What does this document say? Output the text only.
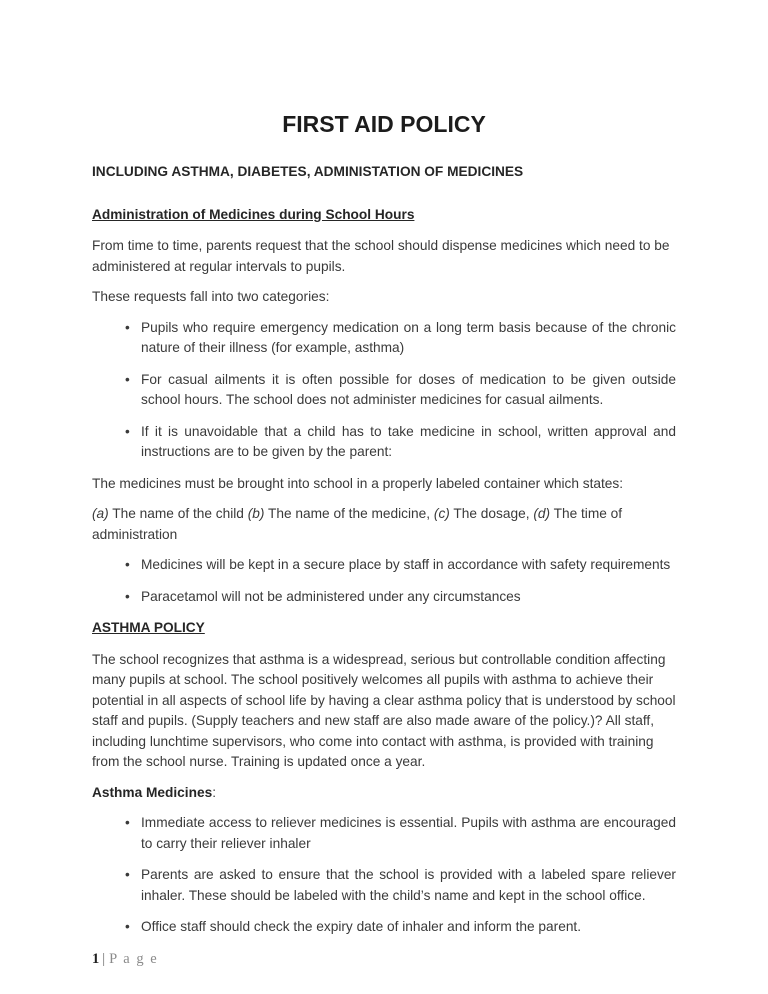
FIRST AID POLICY

INCLUDING ASTHMA, DIABETES, ADMINISTATION OF MEDICINES

Administration of Medicines during School Hours

From time to time, parents request that the school should dispense medicines which need to be administered at regular intervals to pupils.

These requests fall into two categories:

• Pupils who require emergency medication on a long term basis because of the chronic nature of their illness (for example, asthma)
• For casual ailments it is often possible for doses of medication to be given outside school hours. The school does not administer medicines for casual ailments.
• If it is unavoidable that a child has to take medicine in school, written approval and instructions are to be given by the parent:

The medicines must be brought into school in a properly labeled container which states:

(a) The name of the child (b) The name of the medicine, (c) The dosage, (d) The time of administration

• Medicines will be kept in a secure place by staff in accordance with safety requirements
• Paracetamol will not be administered under any circumstances
ASTHMA POLICY

The school recognizes that asthma is a widespread, serious but controllable condition affecting many pupils at school. The school positively welcomes all pupils with asthma to achieve their potential in all aspects of school life by having a clear asthma policy that is understood by school staff and pupils. (Supply teachers and new staff are also made aware of the policy.)? All staff, including lunchtime supervisors, who come into contact with asthma, is provided with training from the school nurse. Training is updated once a year.

Asthma Medicines:

• Immediate access to reliever medicines is essential. Pupils with asthma are encouraged to carry their reliever inhaler
• Parents are asked to ensure that the school is provided with a labeled spare reliever inhaler. These should be labeled with the child’s name and kept in the school office.
• Office staff should check the expiry date of inhaler and inform the parent.
1 | P a g e
